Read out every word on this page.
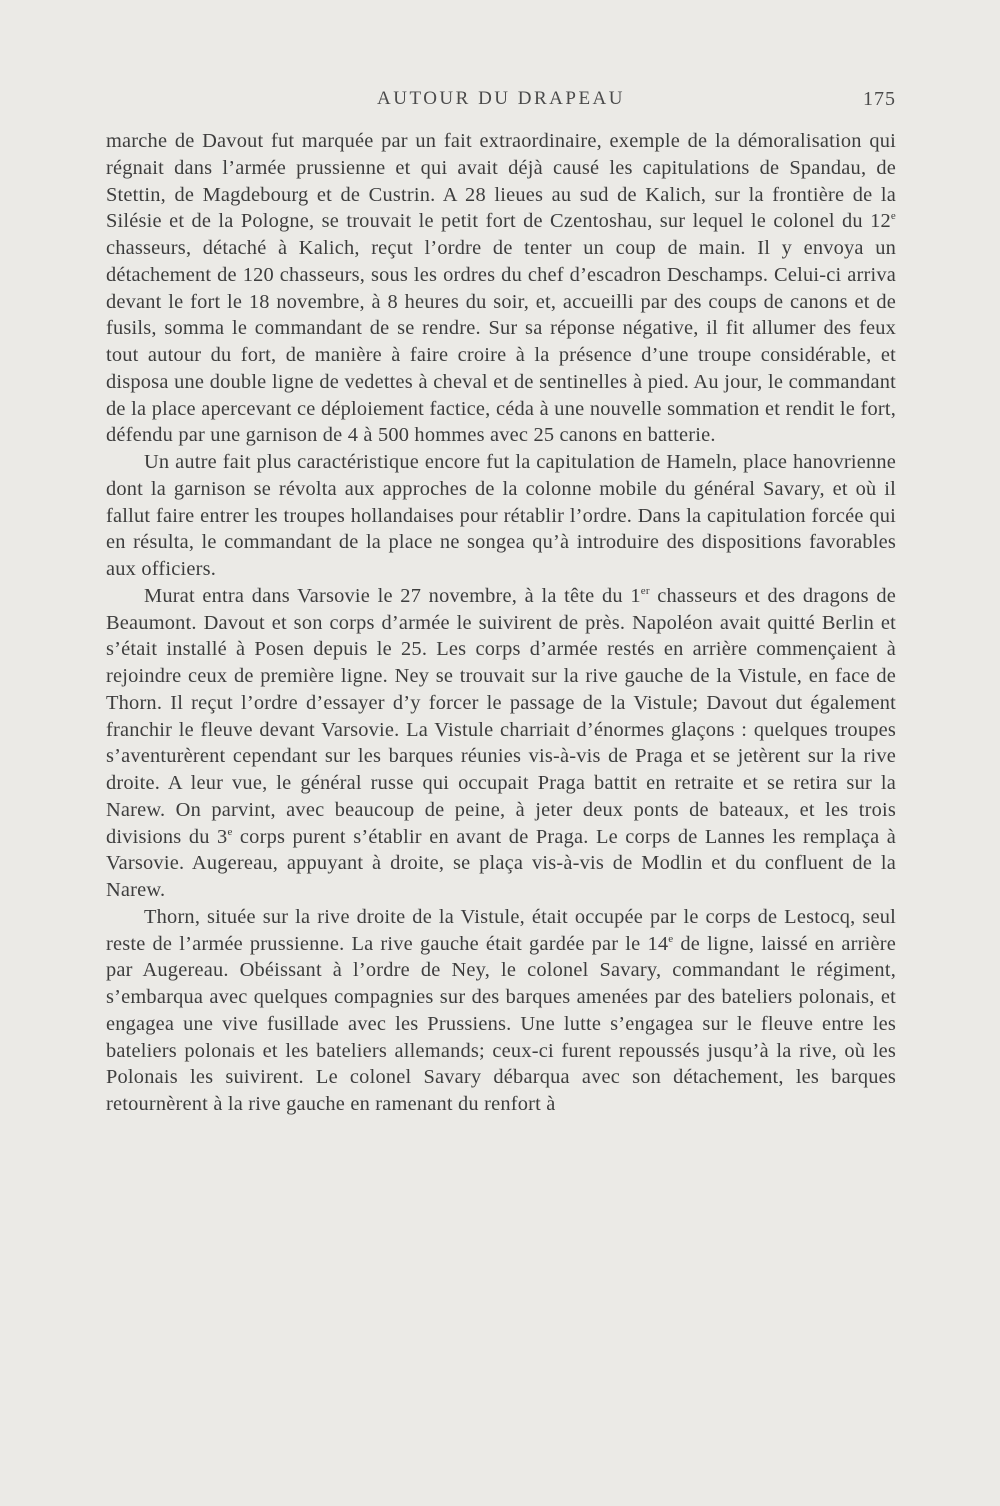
AUTOUR DU DRAPEAU	175

marche de Davout fut marquée par un fait extraordinaire, exemple de la démoralisation qui régnait dans l’armée prussienne et qui avait déjà causé les capitulations de Spandau, de Stettin, de Magdebourg et de Custrin. A 28 lieues au sud de Kalich, sur la frontière de la Silésie et de la Pologne, se trouvait le petit fort de Czentoshau, sur lequel le colonel du 12e chasseurs, détaché à Kalich, reçut l’ordre de tenter un coup de main. Il y envoya un détachement de 120 chasseurs, sous les ordres du chef d’escadron Deschamps. Celui-ci arriva devant le fort le 18 novembre, à 8 heures du soir, et, accueilli par des coups de canons et de fusils, somma le commandant de se rendre. Sur sa réponse négative, il fit allumer des feux tout autour du fort, de manière à faire croire à la présence d’une troupe considérable, et disposa une double ligne de vedettes à cheval et de sentinelles à pied. Au jour, le commandant de la place apercevant ce déploiement factice, céda à une nouvelle sommation et rendit le fort, défendu par une garnison de 4 à 500 hommes avec 25 canons en batterie.

Un autre fait plus caractéristique encore fut la capitulation de Hameln, place hanovrienne dont la garnison se révolta aux approches de la colonne mobile du général Savary, et où il fallut faire entrer les troupes hollandaises pour rétablir l’ordre. Dans la capitulation forcée qui en résulta, le commandant de la place ne songea qu’à introduire des dispositions favorables aux officiers.

Murat entra dans Varsovie le 27 novembre, à la tête du 1er chasseurs et des dragons de Beaumont. Davout et son corps d’armée le suivirent de près. Napoléon avait quitté Berlin et s’était installé à Posen depuis le 25. Les corps d’armée restés en arrière commençaient à rejoindre ceux de première ligne. Ney se trouvait sur la rive gauche de la Vistule, en face de Thorn. Il reçut l’ordre d’essayer d’y forcer le passage de la Vistule; Davout dut également franchir le fleuve devant Varsovie. La Vistule charriait d’énormes glaçons : quelques troupes s’aventurèrent cependant sur les barques réunies vis-à-vis de Praga et se jetèrent sur la rive droite. A leur vue, le général russe qui occupait Praga battit en retraite et se retira sur la Narew. On parvint, avec beaucoup de peine, à jeter deux ponts de bateaux, et les trois divisions du 3e corps purent s’établir en avant de Praga. Le corps de Lannes les remplaça à Varsovie. Augereau, appuyant à droite, se plaça vis-à-vis de Modlin et du confluent de la Narew.

Thorn, située sur la rive droite de la Vistule, était occupée par le corps de Lestocq, seul reste de l’armée prussienne. La rive gauche était gardée par le 14e de ligne, laissé en arrière par Augereau. Obéissant à l’ordre de Ney, le colonel Savary, commandant le régiment, s’embarqua avec quelques compagnies sur des barques amenées par des bateliers polonais, et engagea une vive fusillade avec les Prussiens. Une lutte s’engagea sur le fleuve entre les bateliers polonais et les bateliers allemands; ceux-ci furent repoussés jusqu’à la rive, où les Polonais les suivirent. Le colonel Savary débarqua avec son détachement, les barques retournèrent à la rive gauche en ramenant du renfort à
